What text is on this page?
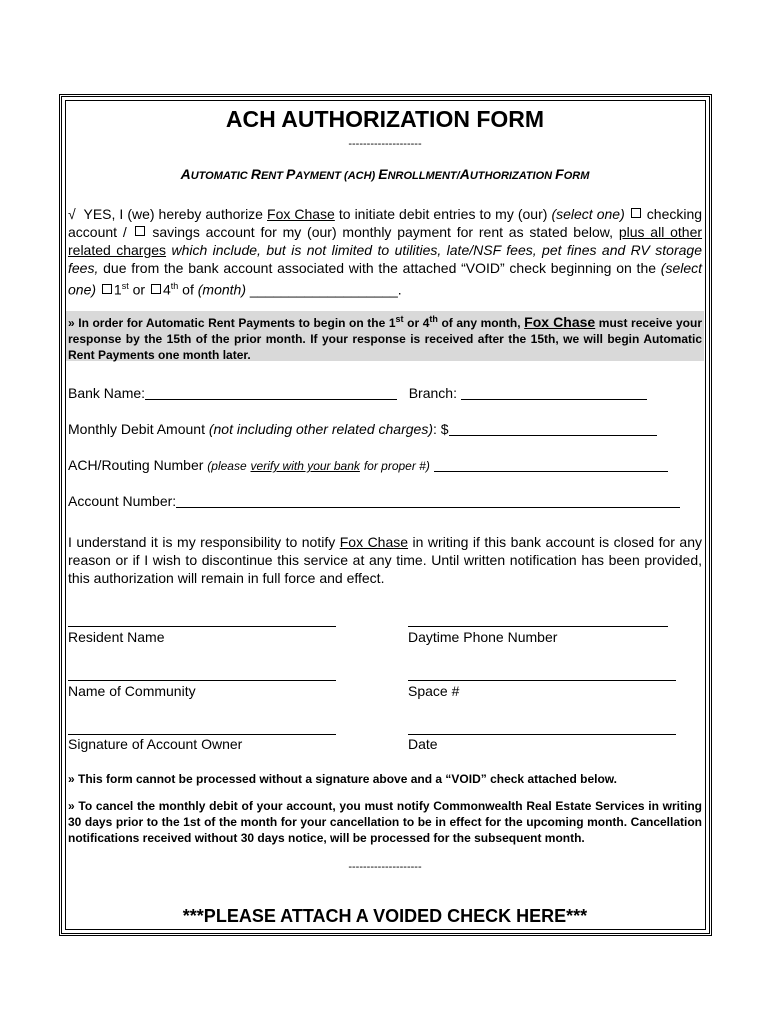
ACH AUTHORIZATION FORM
--------------------
AUTOMATIC RENT PAYMENT (ACH) ENROLLMENT/AUTHORIZATION FORM
√ YES, I (we) hereby authorize Fox Chase to initiate debit entries to my (our) (select one) checking account / savings account for my (our) monthly payment for rent as stated below, plus all other related charges which include, but is not limited to utilities, late/NSF fees, pet fines and RV storage fees, due from the bank account associated with the attached “VOID” check beginning on the (select one) 1st or 4th of (month) ___________________.
» In order for Automatic Rent Payments to begin on the 1st or 4th of any month, Fox Chase must receive your response by the 15th of the prior month. If your response is received after the 15th, we will begin Automatic Rent Payments one month later.
Bank Name:	Branch:
Monthly Debit Amount (not including other related charges): $
ACH/Routing Number (please verify with your bank for proper #)
Account Number:
I understand it is my responsibility to notify Fox Chase in writing if this bank account is closed for any reason or if I wish to discontinue this service at any time. Until written notification has been provided, this authorization will remain in full force and effect.
Resident Name	Daytime Phone Number
Name of Community	Space #
Signature of Account Owner	Date
» This form cannot be processed without a signature above and a “VOID” check attached below.
» To cancel the monthly debit of your account, you must notify Commonwealth Real Estate Services in writing 30 days prior to the 1st of the month for your cancellation to be in effect for the upcoming month. Cancellation notifications received without 30 days notice, will be processed for the subsequent month.
--------------------
***PLEASE ATTACH A VOIDED CHECK HERE***
